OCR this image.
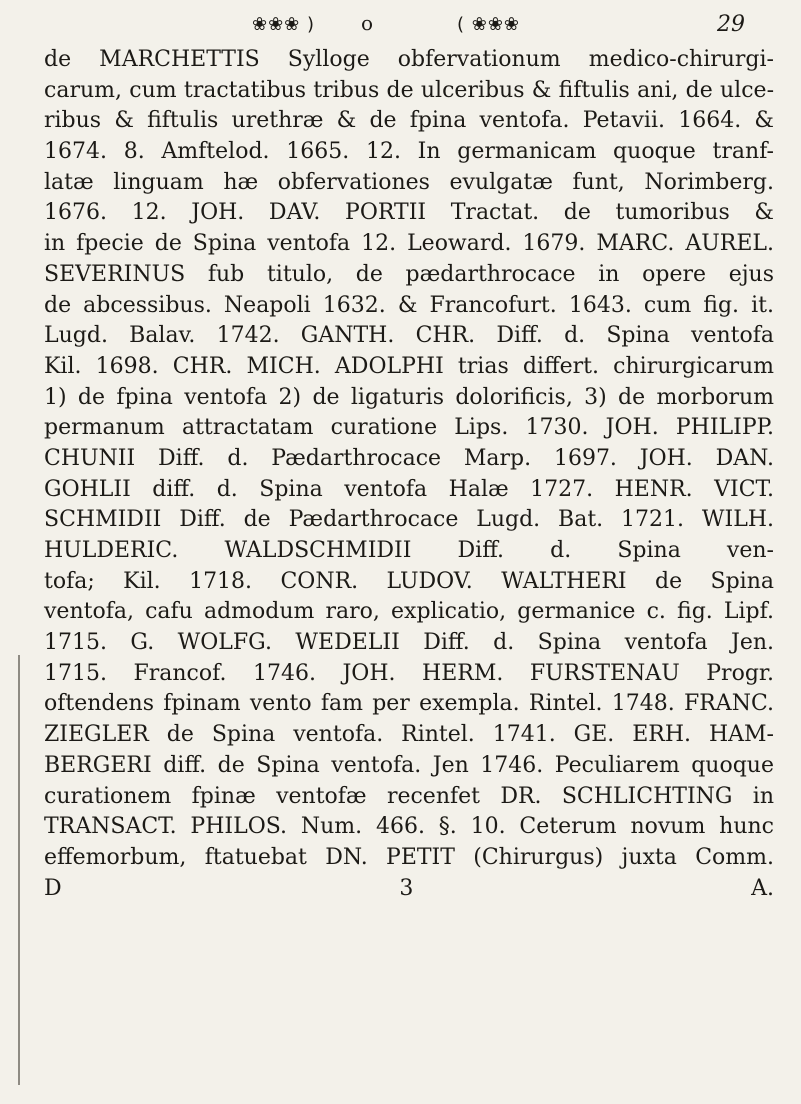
❀❀❀ ) o	( ❀❀❀	29
de MARCHETTIS Sylloge obfervationum medico-chirurgi-
carum, cum tractatibus tribus de ulceribus & fiftulis ani, de ulce-
ribus & fiftulis urethræ & de fpina ventofa. Petavii. 1664. &
1674. 8. Amftelod. 1665. 12. In germanicam quoque tranf-
latæ linguam hæ obfervationes evulgatæ funt, Norimberg.
1676. 12. JOH. DAV. PORTII Tractat. de tumoribus &
in fpecie de Spina ventofa 12. Leoward. 1679. MARC. AUREL.
SEVERINUS fub titulo, de pædarthrocace in opere ejus
de abcessibus. Neapoli 1632. & Francofurt. 1643. cum fig. it.
Lugd. Balav. 1742. GANTH. CHR. Diff. d. Spina ventofa
Kil. 1698. CHR. MICH. ADOLPHI trias differt. chirurgicarum
1) de fpina ventofa 2) de ligaturis dolorificis, 3) de morborum
permanum attractatam curatione Lips. 1730. JOH. PHILIPP.
CHUNII Diff. d. Pædarthrocace Marp. 1697. JOH. DAN.
GOHLII diff. d. Spina ventofa Halæ 1727. HENR. VICT.
SCHMIDII Diff. de Pædarthrocace Lugd. Bat. 1721. WILH.
HULDERIC. WALDSCHMIDII Diff. d. Spina ven-
tofa; Kil. 1718. CONR. LUDOV. WALTHERI de Spina
ventofa, cafu admodum raro, explicatio, germanice c. fig. Lipf.
1715. G. WOLFG. WEDELII Diff. d. Spina ventofa Jen.
1715. Francof. 1746. JOH. HERM. FURSTENAU Progr.
oftendens fpinam vento fam per exempla. Rintel. 1748. FRANC.
ZIEGLER de Spina ventofa. Rintel. 1741. GE. ERH. HAM-
BERGERI diff. de Spina ventofa. Jen 1746. Peculiarem quoque
curationem fpinæ ventofæ recenfet DR. SCHLICHTING in
TRANSACT. PHILOS. Num. 466. §. 10. Ceterum novum hunc
effemorbum, ftatuebat DN. PETIT (Chirurgus) juxta Comm.
D 3 A.
